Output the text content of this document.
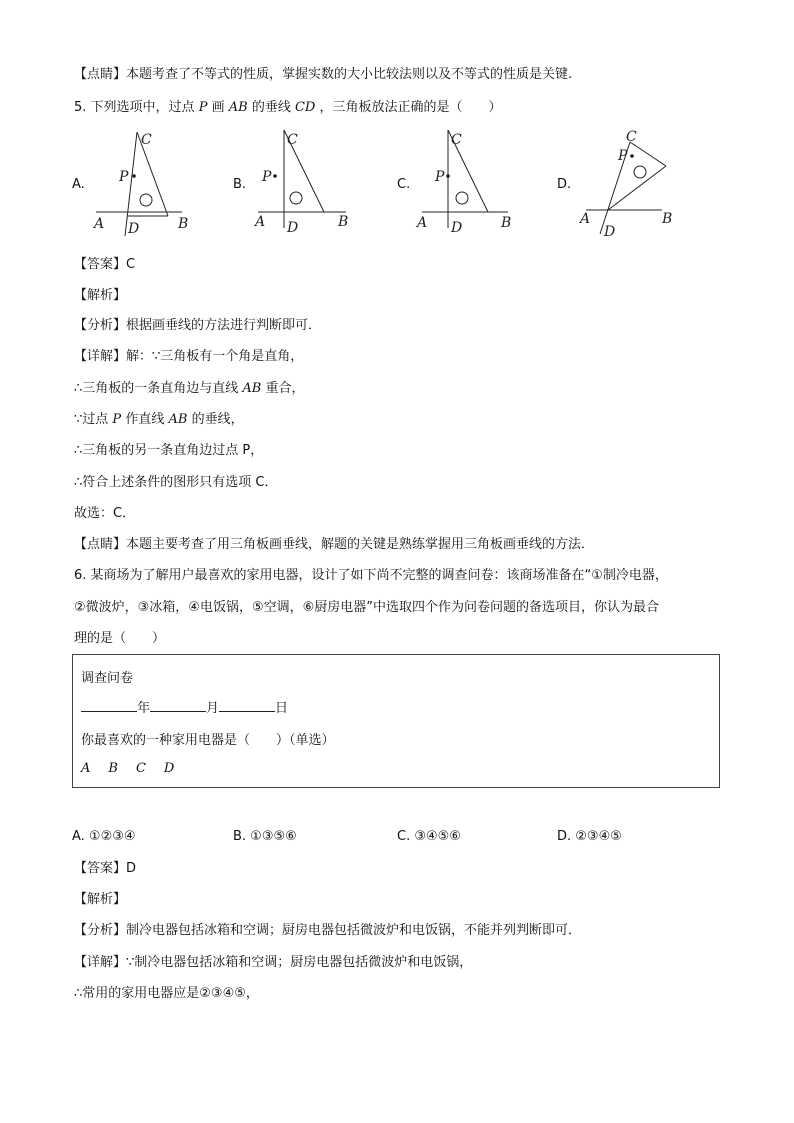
【点睛】本题考查了不等式的性质，掌握实数的大小比较法则以及不等式的性质是关键.
5. 下列选项中，过点 P 画 AB 的垂线 CD ，三角板放法正确的是（　　）
A.
C
P
A	B
D
B.
C
P
A	B
D
C.
C
P
A	B
D
D.
C
P
A	B
D
【答案】C
【解析】
【分析】根据画垂线的方法进行判断即可．
【详解】解：∵三角板有一个角是直角，
∴三角板的一条直角边与直线 AB 重合，
∵过点 P 作直线 AB 的垂线，
∴三角板的另一条直角边过点 P，
∴符合上述条件的图形只有选项 C．
故选：C．
【点睛】本题主要考查了用三角板画垂线，解题的关键是熟练掌握用三角板画垂线的方法．
6. 某商场为了解用户最喜欢的家用电器，设计了如下尚不完整的调查问卷：该商场准备在“①制冷电器，
②微波炉，③冰箱，④电饭锅，⑤空调，⑥厨房电器”中选取四个作为问卷问题的备选项目，你认为最合
理的是（　　）
调查问卷
年	月	日
你最喜欢的一种家用电器是（　　）（单选）
A B C D
A. ①②③④	B. ①③⑤⑥	C. ③④⑤⑥	D. ②③④⑤
【答案】D
【解析】
【分析】制冷电器包括冰箱和空调；厨房电器包括微波炉和电饭锅，不能并列判断即可．
【详解】∵制冷电器包括冰箱和空调；厨房电器包括微波炉和电饭锅，
∴常用的家用电器应是②③④⑤，
